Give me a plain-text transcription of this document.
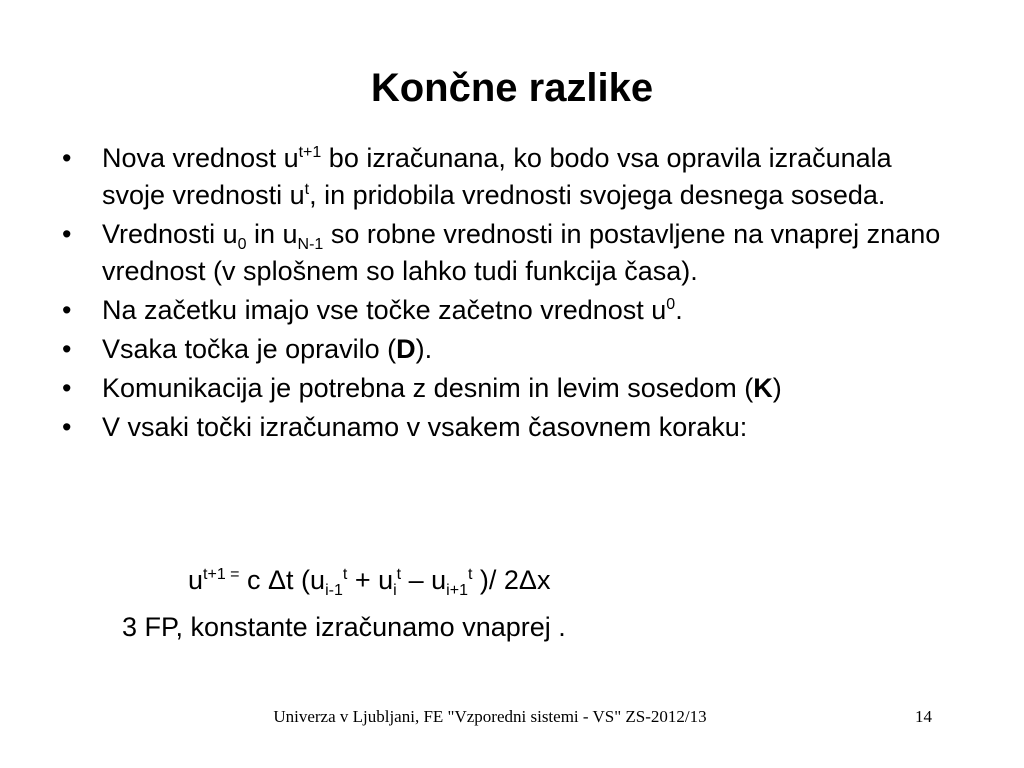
Končne razlike
• Nova vrednost $u^{t+1}$ bo izračunana, ko bodo vsa opravila izračunala svoje vrednosti $u^t$, in pridobila vrednosti svojega desnega soseda.
• Vrednosti $u_0$ in $u_{N-1}$ so robne vrednosti in postavljene na vnaprej znano vrednost (v splošnem so lahko tudi funkcija časa).
• Na začetku imajo vse točke začetno vrednost $u^0$.
• Vsaka točka je opravilo (D).
• Komunikacija je potrebna z desnim in levim sosedom (K)
• V vsaki točki izračunamo v vsakem časovnem koraku:
$u^{t+1}$ = c Δt ($u_{i-1}^t + u_i^t - u_{i+1}^t$ )/ 2Δx
3 FP, konstante izračunamo vnaprej .
Univerza v Ljubljani, FE "Vzporedni sistemi - VS" ZS-2012/13	14
